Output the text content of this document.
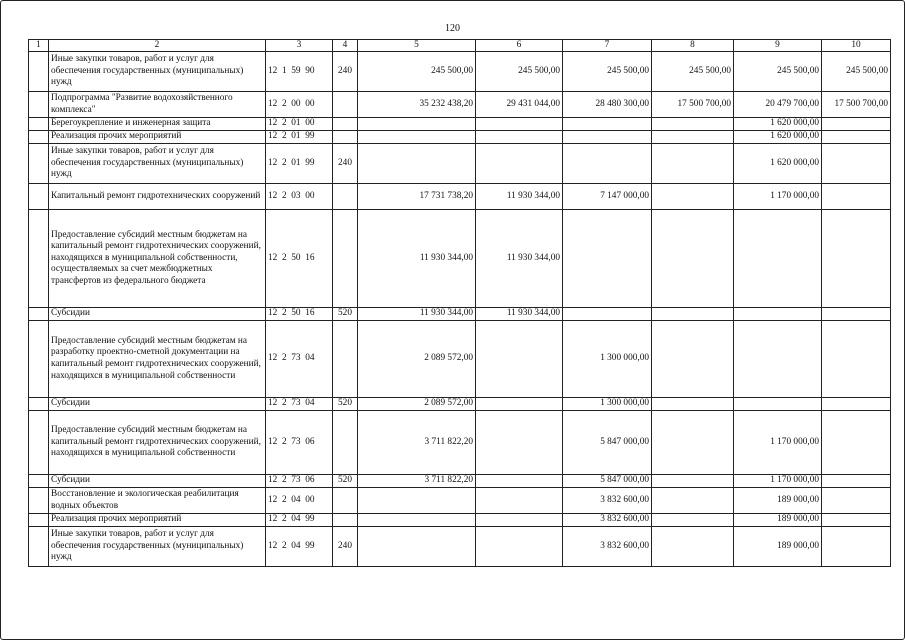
120
1	2	3	4	5	6	7	8	9	10
	Иные закупки товаров, работ и услуг для обеспечения государственных (муниципальных) нужд	12  1  59  90	240	245 500,00	245 500,00	245 500,00	245 500,00	245 500,00	245 500,00
	Подпрограмма "Развитие водохозяйственного комплекса"	12  2  00  00		35 232 438,20	29 431 044,00	28 480 300,00	17 500 700,00	20 479 700,00	17 500 700,00
	Берегоукрепление и инженерная защита	12  2  01  00						1 620 000,00	
	Реализация прочих мероприятий	12  2  01  99						1 620 000,00	
	Иные закупки товаров, работ и услуг для обеспечения государственных (муниципальных) нужд	12  2  01  99	240					1 620 000,00	
	Капитальный ремонт гидротехнических сооружений	12  2  03  00		17 731 738,20	11 930 344,00	7 147 000,00		1 170 000,00	
	Предоставление субсидий местным бюджетам на капитальный ремонт гидротехнических сооружений, находящихся в муниципальной собственности, осуществляемых за счет межбюджетных трансфертов из федерального бюджета	12  2  50  16		11 930 344,00	11 930 344,00				
	Субсидии	12  2  50  16	520	11 930 344,00	11 930 344,00				
	Предоставление субсидий местным бюджетам на разработку проектно-сметной документации на капитальный ремонт гидротехнических сооружений, находящихся в муниципальной собственности	12  2  73  04		2 089 572,00		1 300 000,00			
	Субсидии	12  2  73  04	520	2 089 572,00		1 300 000,00			
	Предоставление субсидий местным бюджетам на капитальный ремонт гидротехнических сооружений, находящихся в муниципальной собственности	12  2  73  06		3 711 822,20		5 847 000,00		1 170 000,00	
	Субсидии	12  2  73  06	520	3 711 822,20		5 847 000,00		1 170 000,00	
	Восстановление и экологическая реабилитация водных объектов	12  2  04  00				3 832 600,00		189 000,00	
	Реализация прочих мероприятий	12  2  04  99				3 832 600,00		189 000,00	
	Иные закупки товаров, работ и услуг для обеспечения государственных (муниципальных) нужд	12  2  04  99	240			3 832 600,00		189 000,00	
